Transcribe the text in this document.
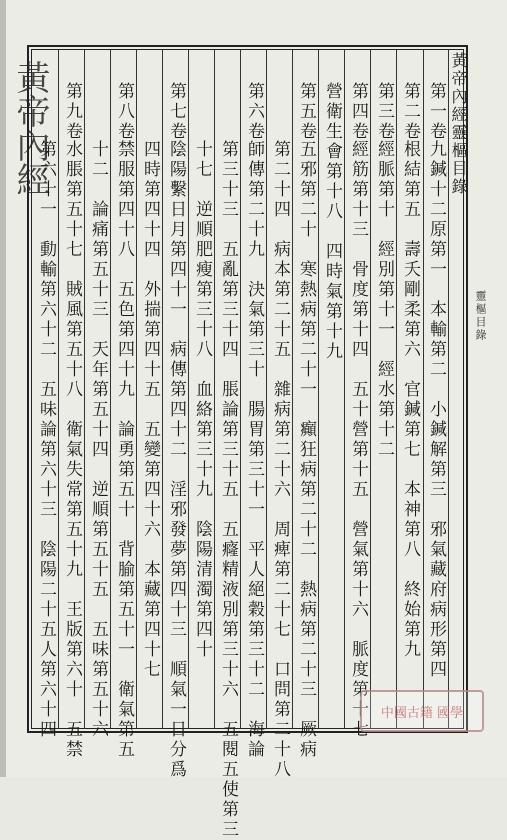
黃帝內經	黃帝內經靈樞目錄
第一卷
九鍼十二原第一　本輸第二　小鍼解第三　邪氣藏府病形第四
第二卷
根結第五　壽夭剛柔第六　官鍼第七　本神第八　終始第九
第三卷
經脈第十　經別第十一　經水第十二
第四卷
經筋第十三　骨度第十四　五十營第十五　營氣第十六　脈度第十七
營衛生會第十八　四時氣第十九
第五卷
五邪第二十　寒熱病第二十一　癲狂病第二十二　熱病第二十三　厥病
第二十四　病本第二十五　雜病第二十六　周痺第二十七　口問第二十八
第六卷
師傳第二十九　決氣第三十　腸胃第三十一　平人絕穀第三十二　海論
第三十三　五亂第三十四　脹論第三十五　五癃精液別第三十六　五閱五使第三
十七　逆順肥瘦第三十八　血絡第三十九　陰陽清濁第四十
第七卷
陰陽繫日月第四十一　病傳第四十二　淫邪發夢第四十三　順氣一日分爲
四時第四十四　外揣第四十五　五變第四十六　本藏第四十七
第八卷
禁服第四十八　五色第四十九　論勇第五十　背腧第五十一　衛氣第五
十二　論痛第五十三　天年第五十四　逆順第五十五　五味第五十六
第九卷
水脹第五十七　賊風第五十八　衛氣失常第五十九　王版第六十　五禁
第六十一　動輸第六十二　五味論第六十三　陰陽二十五人第六十四	靈樞目錄
中國古籍 國學
